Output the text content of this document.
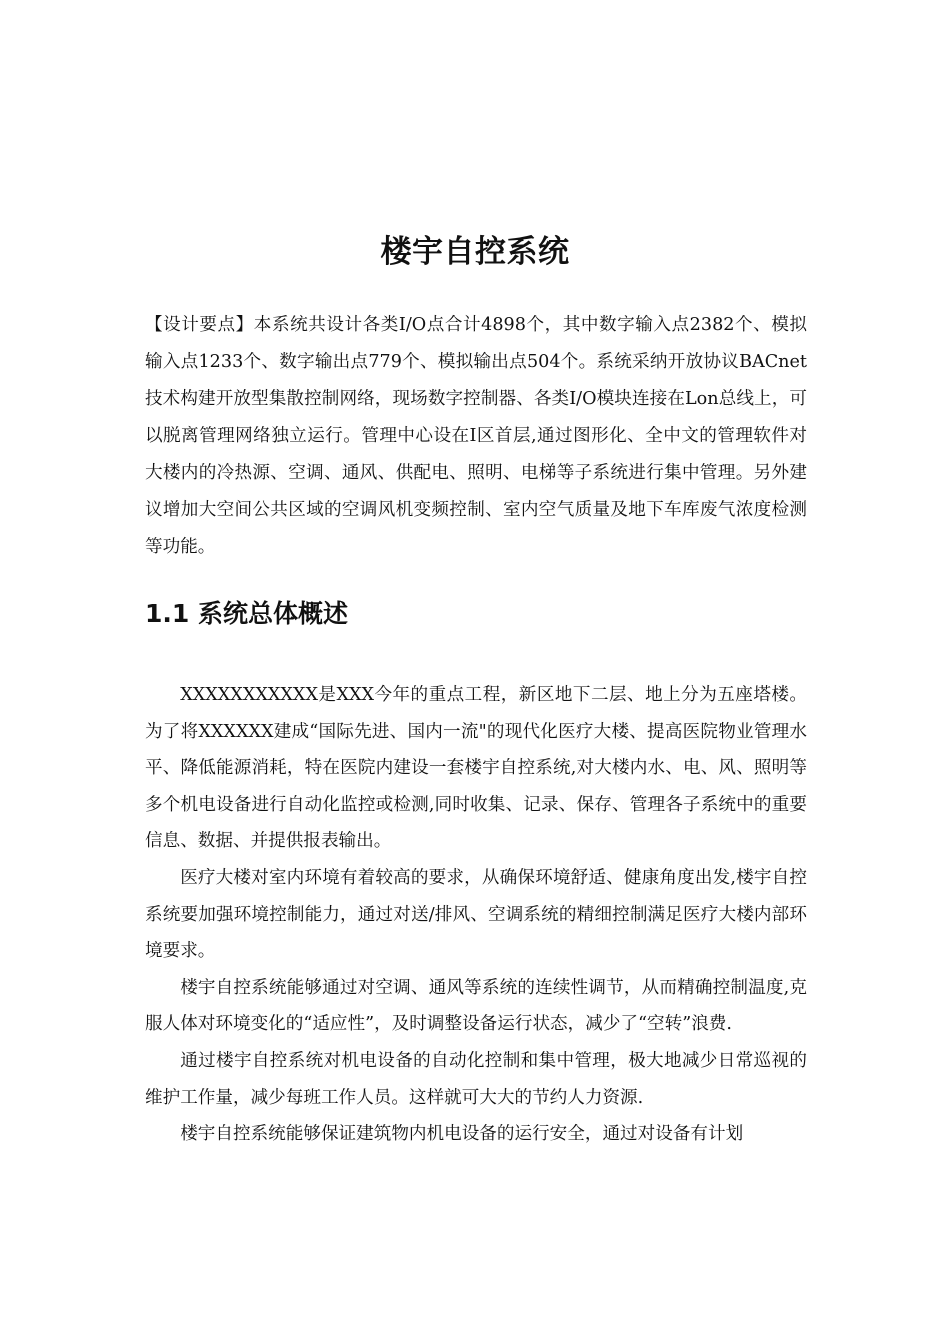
楼宇自控系统

【设计要点】本系统共设计各类I/O点合计4898个，其中数字输入点2382个、模拟输入点1233个、数字输出点779个、模拟输出点504个。系统采纳开放协议BACnet技术构建开放型集散控制网络，现场数字控制器、各类I/O模块连接在Lon总线上，可以脱离管理网络独立运行。管理中心设在I区首层,通过图形化、全中文的管理软件对大楼内的冷热源、空调、通风、供配电、照明、电梯等子系统进行集中管理。另外建议增加大空间公共区域的空调风机变频控制、室内空气质量及地下车库废气浓度检测等功能。

1.1 系统总体概述

XXXXXXXXXXX是XXX今年的重点工程，新区地下二层、地上分为五座塔楼。为了将XXXXXX建成“国际先进、国内一流"的现代化医疗大楼、提高医院物业管理水平、降低能源消耗，特在医院内建设一套楼宇自控系统,对大楼内水、电、风、照明等多个机电设备进行自动化监控或检测,同时收集、记录、保存、管理各子系统中的重要信息、数据、并提供报表输出。

医疗大楼对室内环境有着较高的要求，从确保环境舒适、健康角度出发,楼宇自控系统要加强环境控制能力，通过对送/排风、空调系统的精细控制满足医疗大楼内部环境要求。

楼宇自控系统能够通过对空调、通风等系统的连续性调节，从而精确控制温度,克服人体对环境变化的“适应性”，及时调整设备运行状态，减少了“空转”浪费.

通过楼宇自控系统对机电设备的自动化控制和集中管理，极大地减少日常巡视的维护工作量，减少每班工作人员。这样就可大大的节约人力资源.

楼宇自控系统能够保证建筑物内机电设备的运行安全，通过对设备有计划
